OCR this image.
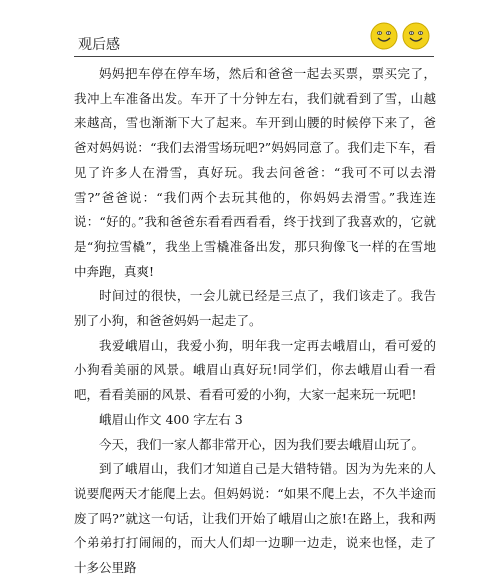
观后感

妈妈把车停在停车场，然后和爸爸一起去买票，票买完了，我冲上车准备出发。车开了十分钟左右，我们就看到了雪，山越来越高，雪也渐渐下大了起来。车开到山腰的时候停下来了，爸爸对妈妈说：“我们去滑雪场玩吧?”妈妈同意了。我们走下车，看见了许多人在滑雪，真好玩。我去问爸爸：“我可不可以去滑雪?”爸爸说：“我们两个去玩其他的，你妈妈去滑雪。”我连连说：“好的。”我和爸爸东看看西看看，终于找到了我喜欢的，它就是“狗拉雪橇”，我坐上雪橇准备出发，那只狗像飞一样的在雪地中奔跑，真爽!

时间过的很快，一会儿就已经是三点了，我们该走了。我告别了小狗，和爸爸妈妈一起走了。

我爱峨眉山，我爱小狗，明年我一定再去峨眉山，看可爱的小狗看美丽的风景。峨眉山真好玩!同学们，你去峨眉山看一看吧，看看美丽的风景、看看可爱的小狗，大家一起来玩一玩吧!

峨眉山作文 400 字左右 3

今天，我们一家人都非常开心，因为我们要去峨眉山玩了。

到了峨眉山，我们才知道自己是大错特错。因为为先来的人说要爬两天才能爬上去。但妈妈说：“如果不爬上去，不久半途而废了吗?”就这一句话，让我们开始了峨眉山之旅!在路上，我和两个弟弟打打闹闹的，而大人们却一边聊一边走，说来也怪，走了十多公里路
